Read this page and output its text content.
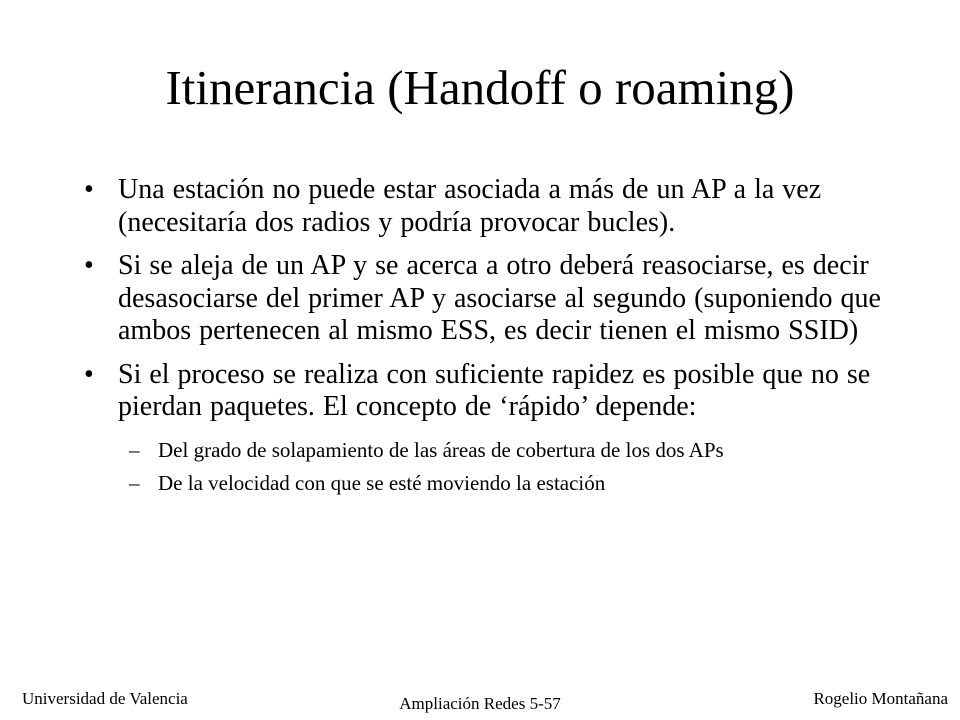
Itinerancia (Handoff o roaming)
• Una estación no puede estar asociada a más de un AP a la vez (necesitaría dos radios y podría provocar bucles).
• Si se aleja de un AP y se acerca a otro deberá reasociarse, es decir desasociarse del primer AP y asociarse al segundo (suponiendo que ambos pertenecen al mismo ESS, es decir tienen el mismo SSID)
• Si el proceso se realiza con suficiente rapidez es posible que no se pierdan paquetes. El concepto de ‘rápido’ depende:
– Del grado de solapamiento de las áreas de cobertura de los dos APs
– De la velocidad con que se esté moviendo la estación
Universidad de Valencia	Ampliación Redes 5-57	Rogelio Montañana
